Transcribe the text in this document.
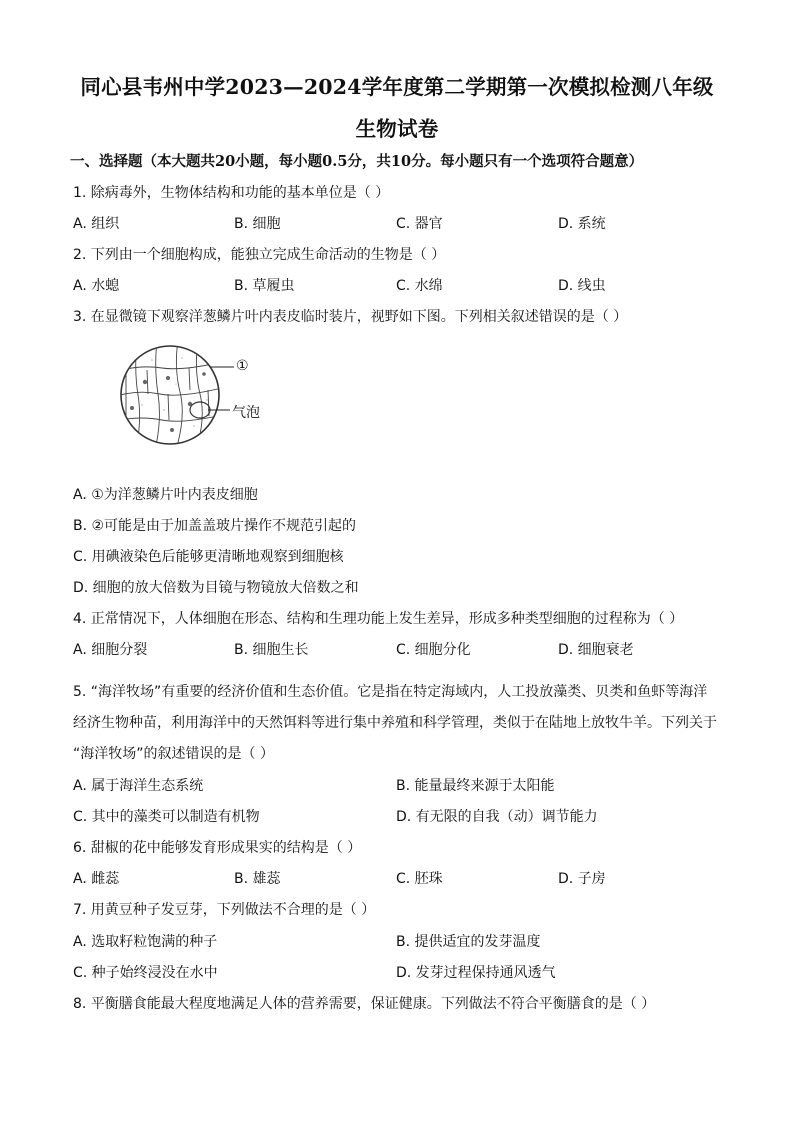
同心县韦州中学2023—2024学年度第二学期第一次模拟检测八年级
生物试卷
一、选择题（本大题共20小题，每小题0.5分，共10分。每小题只有一个选项符合题意）
1. 除病毒外，生物体结构和功能的基本单位是（ ）
A. 组织	B. 细胞	C. 器官	D. 系统
2. 下列由一个细胞构成，能独立完成生命活动的生物是（ ）
A. 水螅	B. 草履虫	C. 水绵	D. 线虫
3. 在显微镜下观察洋葱鳞片叶内表皮临时装片，视野如下图。下列相关叙述错误的是（ ）
①
气泡
A. ①为洋葱鳞片叶内表皮细胞
B. ②可能是由于加盖盖玻片操作不规范引起的
C. 用碘液染色后能够更清晰地观察到细胞核
D. 细胞的放大倍数为目镜与物镜放大倍数之和
4. 正常情况下，人体细胞在形态、结构和生理功能上发生差异，形成多种类型细胞的过程称为（ ）
A. 细胞分裂	B. 细胞生长	C. 细胞分化	D. 细胞衰老
5. “海洋牧场”有重要的经济价值和生态价值。它是指在特定海域内，人工投放藻类、贝类和鱼虾等海洋
经济生物种苗，利用海洋中的天然饵料等进行集中养殖和科学管理，类似于在陆地上放牧牛羊。下列关于
“海洋牧场”的叙述错误的是（ ）
A. 属于海洋生态系统	B. 能量最终来源于太阳能
C. 其中的藻类可以制造有机物	D. 有无限的自我（动）调节能力
6. 甜椒的花中能够发育形成果实的结构是（ ）
A. 雌蕊	B. 雄蕊	C. 胚珠	D. 子房
7. 用黄豆种子发豆芽，下列做法不合理的是（ ）
A. 选取籽粒饱满的种子	B. 提供适宜的发芽温度
C. 种子始终浸没在水中	D. 发芽过程保持通风透气
8. 平衡膳食能最大程度地满足人体的营养需要，保证健康。下列做法不符合平衡膳食的是（ ）
